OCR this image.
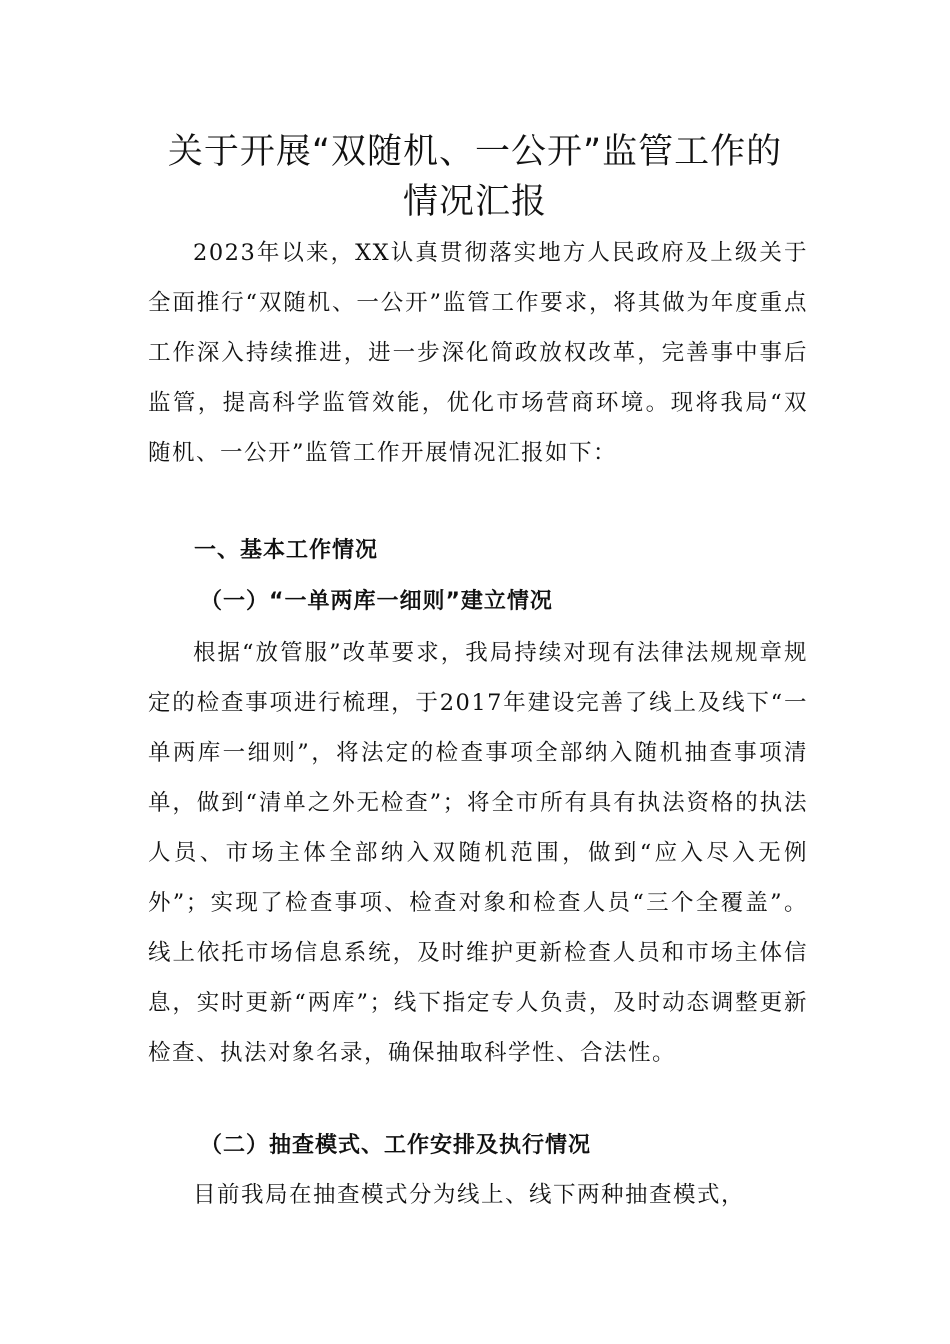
关于开展“双随机、一公开”监管工作的
情况汇报
2023年以来，XX认真贯彻落实地方人民政府及上级关于全面推行“双随机、一公开”监管工作要求，将其做为年度重点工作深入持续推进，进一步深化简政放权改革，完善事中事后监管，提高科学监管效能，优化市场营商环境。现将我局“双随机、一公开”监管工作开展情况汇报如下：
一、基本工作情况
（一）“一单两库一细则”建立情况
根据“放管服”改革要求，我局持续对现有法律法规规章规定的检查事项进行梳理，于2017年建设完善了线上及线下“一单两库一细则”，将法定的检查事项全部纳入随机抽查事项清单，做到“清单之外无检查”；将全市所有具有执法资格的执法人员、市场主体全部纳入双随机范围，做到“应入尽入无例外”；实现了检查事项、检查对象和检查人员“三个全覆盖”。线上依托市场信息系统，及时维护更新检查人员和市场主体信息，实时更新“两库”；线下指定专人负责，及时动态调整更新检查、执法对象名录，确保抽取科学性、合法性。
（二）抽查模式、工作安排及执行情况
目前我局在抽查模式分为线上、线下两种抽查模式，
